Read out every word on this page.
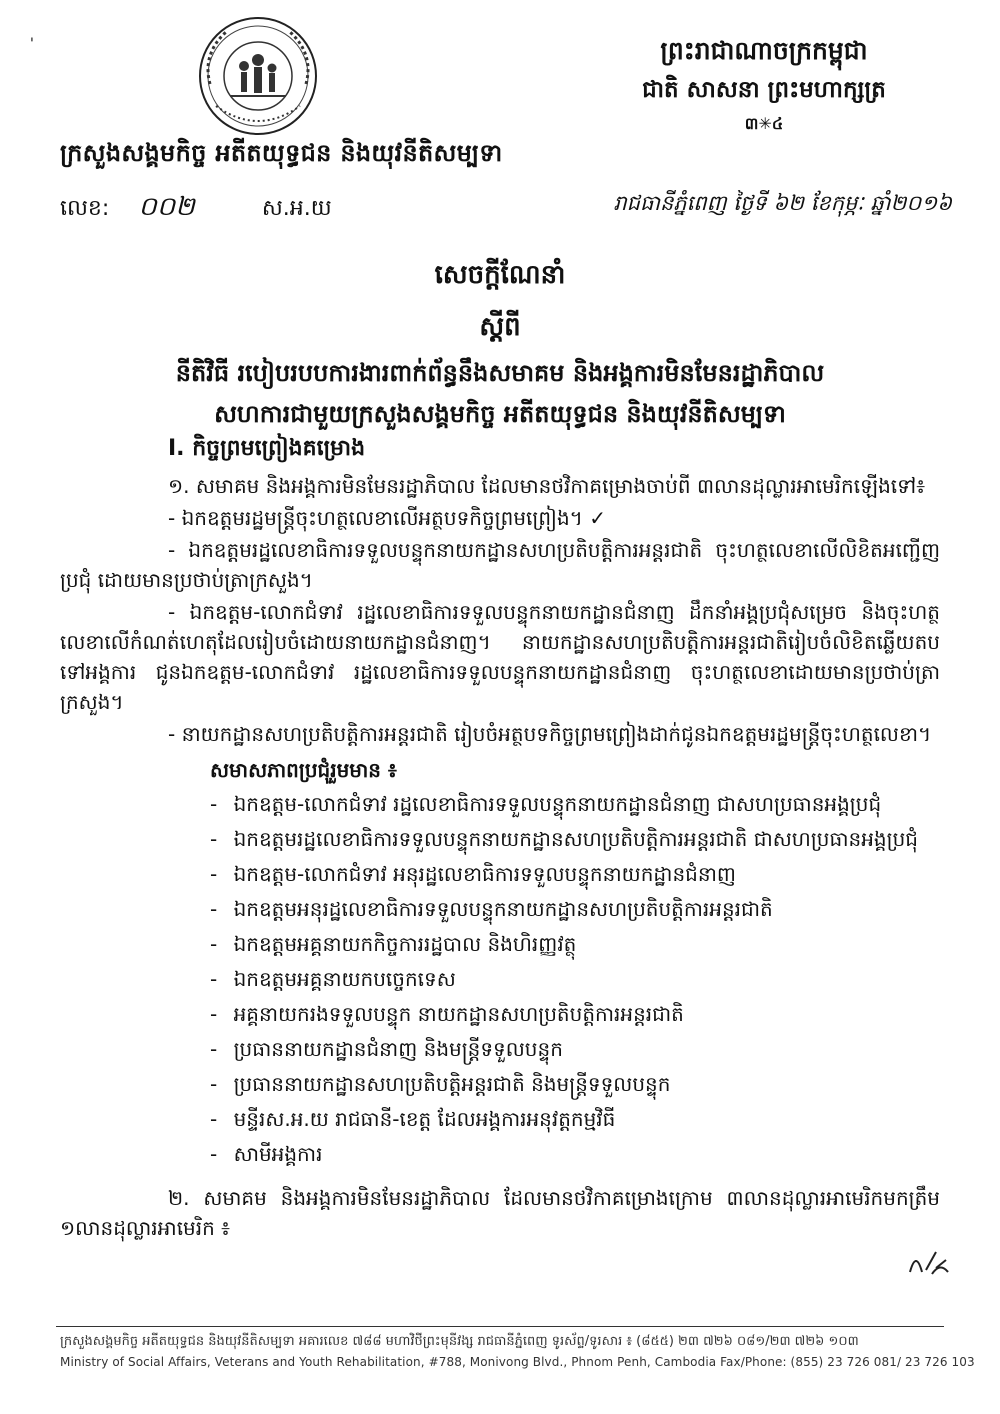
'
ក្រសួងសង្គមកិច្ច អតីតយុទ្ធជន និងយុវនីតិសម្បទា
ព្រះរាជាណាចក្រកម្ពុជា
ជាតិ សាសនា ព្រះមហាក្សត្រ
៣✳៤
លេខ: ០០២	ស.អ.យ	រាជធានីភ្នំពេញ ថ្ងៃទី ៦២ ខែកុម្ភៈ ឆ្នាំ២០១៦
សេចក្តីណែនាំ
ស្តីពី
នីតិវិធី របៀបរបបការងារពាក់ព័ន្ធនឹងសមាគម និងអង្គការមិនមែនរដ្ឋាភិបាល
សហការជាមួយក្រសួងសង្គមកិច្ច អតីតយុទ្ធជន និងយុវនីតិសម្បទា
I. កិច្ចព្រមព្រៀងគម្រោង
១. សមាគម និងអង្គការមិនមែនរដ្ឋាភិបាល ដែលមានថវិកាគម្រោងចាប់ពី ៣លានដុល្លារអាមេរិកឡើងទៅ៖
- ឯកឧត្តមរដ្ឋមន្ត្រីចុះហត្ថលេខាលើអត្ថបទកិច្ចព្រមព្រៀង។ ✓
- ឯកឧត្តមរដ្ឋលេខាធិការទទួលបន្ទុកនាយកដ្ឋានសហប្រតិបត្តិការអន្តរជាតិ ចុះហត្ថលេខាលើលិខិតអញ្ជើញប្រជុំ ដោយមានប្រថាប់ត្រាក្រសួង។
- ឯកឧត្តម-លោកជំទាវ រដ្ឋលេខាធិការទទួលបន្ទុកនាយកដ្ឋានជំនាញ ដឹកនាំអង្គប្រជុំសម្រេច និងចុះហត្ថលេខាលើកំណត់ហេតុដែលរៀបចំដោយនាយកដ្ឋានជំនាញ។ នាយកដ្ឋានសហប្រតិបត្តិការអន្តរជាតិរៀបចំលិខិតឆ្លើយតបទៅអង្គការ ជូនឯកឧត្តម-លោកជំទាវ រដ្ឋលេខាធិការទទួលបន្ទុកនាយកដ្ឋានជំនាញ ចុះហត្ថលេខាដោយមានប្រថាប់ត្រាក្រសួង។
- នាយកដ្ឋានសហប្រតិបត្តិការអន្តរជាតិ រៀបចំអត្ថបទកិច្ចព្រមព្រៀងដាក់ជូនឯកឧត្តមរដ្ឋមន្ត្រីចុះហត្ថលេខា។
សមាសភាពប្រជុំរួមមាន ៖
- ឯកឧត្តម-លោកជំទាវ រដ្ឋលេខាធិការទទួលបន្ទុកនាយកដ្ឋានជំនាញ ជាសហប្រធានអង្គប្រជុំ
- ឯកឧត្តមរដ្ឋលេខាធិការទទួលបន្ទុកនាយកដ្ឋានសហប្រតិបត្តិការអន្តរជាតិ ជាសហប្រធានអង្គប្រជុំ
- ឯកឧត្តម-លោកជំទាវ អនុរដ្ឋលេខាធិការទទួលបន្ទុកនាយកដ្ឋានជំនាញ
- ឯកឧត្តមអនុរដ្ឋលេខាធិការទទួលបន្ទុកនាយកដ្ឋានសហប្រតិបត្តិការអន្តរជាតិ
- ឯកឧត្តមអគ្គនាយកកិច្ចការរដ្ឋបាល និងហិរញ្ញវត្ថុ
- ឯកឧត្តមអគ្គនាយកបច្ចេកទេស
- អគ្គនាយករងទទួលបន្ទុក នាយកដ្ឋានសហប្រតិបត្តិការអន្តរជាតិ
- ប្រធាននាយកដ្ឋានជំនាញ និងមន្ត្រីទទួលបន្ទុក
- ប្រធាននាយកដ្ឋានសហប្រតិបត្តិអន្តរជាតិ និងមន្ត្រីទទួលបន្ទុក
- មន្ទីរស.អ.យ រាជធានី-ខេត្ត ដែលអង្គការអនុវត្តកម្មវិធី
- សាមីអង្គការ
២. សមាគម និងអង្គការមិនមែនរដ្ឋាភិបាល ដែលមានថវិកាគម្រោងក្រោម ៣លានដុល្លារអាមេរិកមកត្រឹម ១លានដុល្លារអាមេរិក ៖
ក្រសួងសង្គមកិច្ច អតីតយុទ្ធជន និងយុវនីតិសម្បទា អគារលេខ ៧៨៨ មហាវិថីព្រះមុនីវង្ស រាជធានីភ្នំពេញ ទូរស័ព្ទ/ទូរសារ ៖ (៨៥៥) ២៣ ៧២៦ ០៨១/២៣ ៧២៦ ១០៣
Ministry of Social Affairs, Veterans and Youth Rehabilitation, #788, Monivong Blvd., Phnom Penh, Cambodia Fax/Phone: (855) 23 726 081/ 23 726 103
